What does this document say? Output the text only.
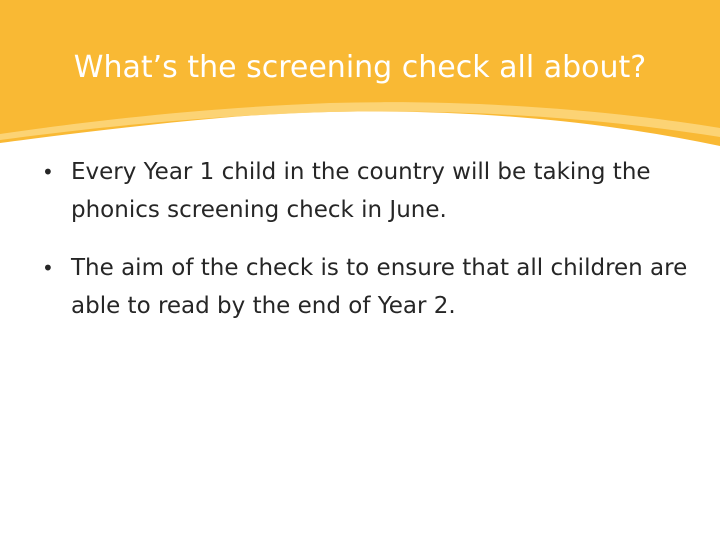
What’s the screening check all about?
• Every Year 1 child in the country will be taking the phonics screening check in June.
• The aim of the check is to ensure that all children are able to read by the end of Year 2.
